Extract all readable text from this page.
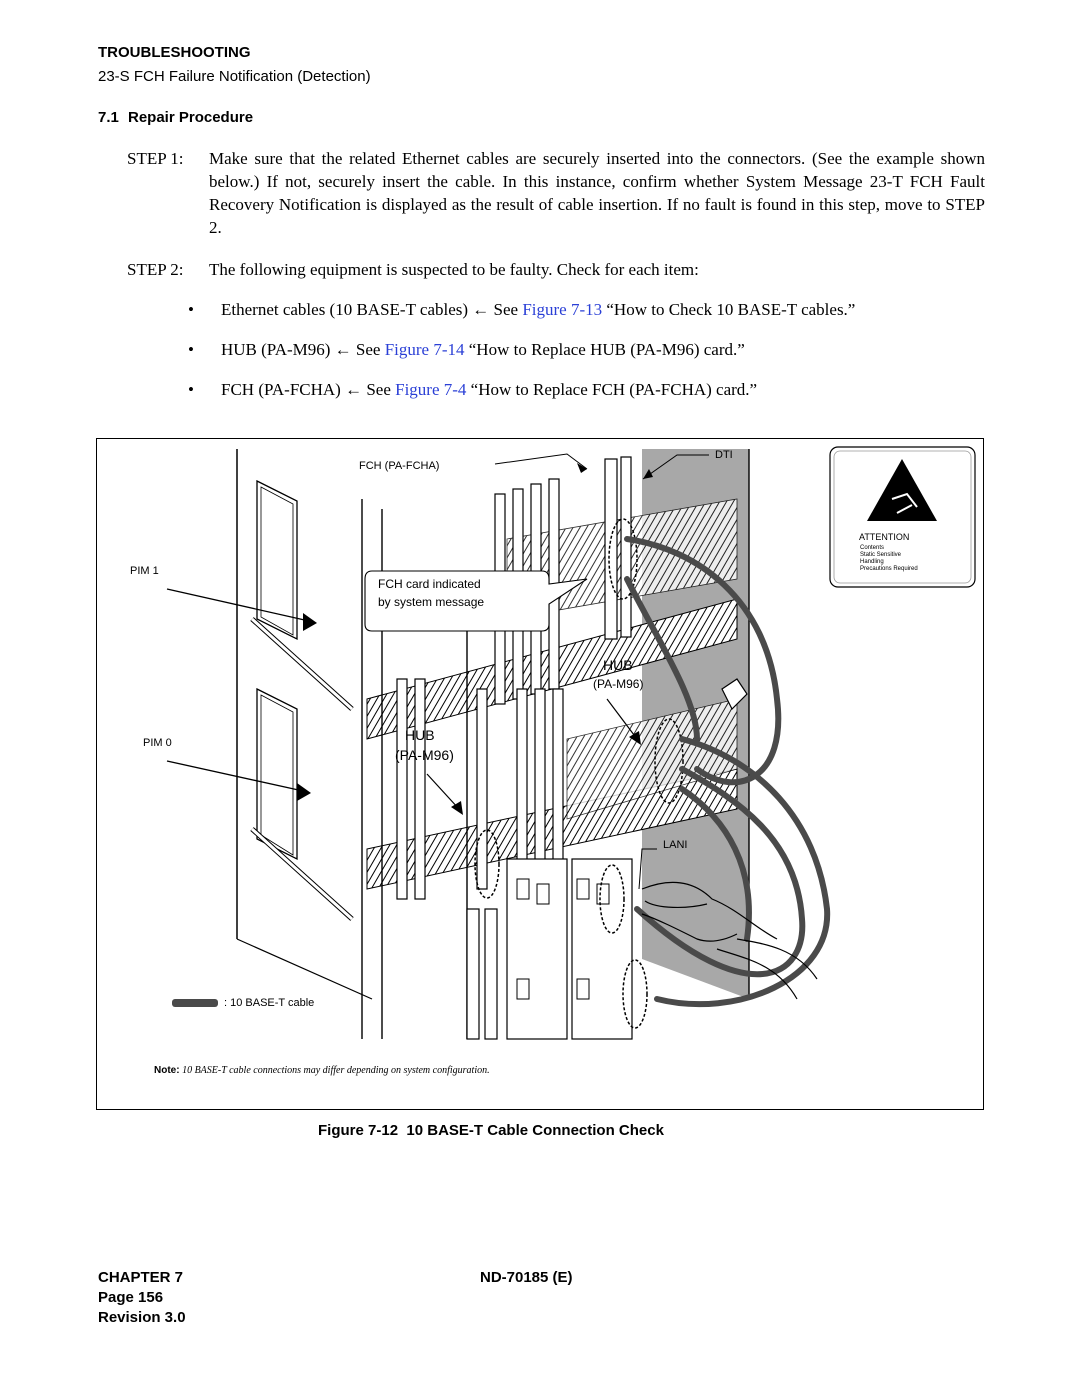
TROUBLESHOOTING
23-S FCH Failure Notification (Detection)
7.1 Repair Procedure
STEP 1:	Make sure that the related Ethernet cables are securely inserted into the connectors. (See the example shown below.) If not, securely insert the cable. In this instance, confirm whether System Message 23-T FCH Fault Recovery Notification is displayed as the result of cable insertion. If no fault is found in this step, move to STEP 2.
STEP 2:	The following equipment is suspected to be faulty. Check for each item:
• Ethernet cables (10 BASE-T cables) ← See Figure 7-13 “How to Check 10 BASE-T cables.”
• HUB (PA-M96) ← See Figure 7-14 “How to Replace HUB (PA-M96) card.”
• FCH (PA-FCHA) ← See Figure 7-4 “How to Replace FCH (PA-FCHA) card.”
FCH (PA-FCHA)
DTI
PIM 1
PIM 0
FCH card indicated
by system message
HUB
(PA-M96)
HUB
(PA-M96)
LANI
: 10 BASE-T cable
ATTENTION
Contents
Static Sensitive
Handling
Precautions Required
Note: 10 BASE-T cable connections may differ depending on system configuration.
Figure 7-12 10 BASE-T Cable Connection Check
CHAPTER 7
Page 156
Revision 3.0
ND-70185 (E)
